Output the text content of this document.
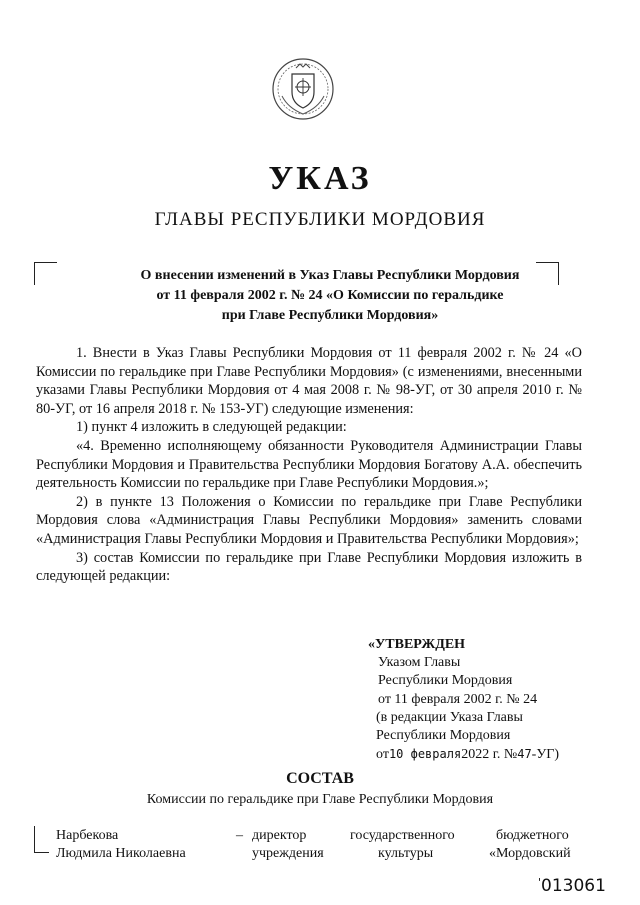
УКАЗ
ГЛАВЫ РЕСПУБЛИКИ МОРДОВИЯ
О внесении изменений в Указ Главы Республики Мордовия
от 11 февраля 2002 г. № 24 «О Комиссии по геральдике
при Главе Республики Мордовия»

1. Внести в Указ Главы Республики Мордовия от 11 февраля 2002 г. № 24 «О Комиссии по геральдике при Главе Республики Мордовия» (с изменениями, внесенными указами Главы Республики Мордовия от 4 мая 2008 г. № 98-УГ, от 30 апреля 2010 г. № 80-УГ, от 16 апреля 2018 г. № 153-УГ) следующие изменения:

1) пункт 4 изложить в следующей редакции:

«4. Временно исполняющему обязанности Руководителя Администрации Главы Республики Мордовия и Правительства Республики Мордовия Богатову А.А. обеспечить деятельность Комиссии по геральдике при Главе Республики Мордовия.»;

2) в пункте 13 Положения о Комиссии по геральдике при Главе Республики Мордовия слова «Администрация Главы Республики Мордовия» заменить словами «Администрация Главы Республики Мордовия и Правительства Республики Мордовия»;

3) состав Комиссии по геральдике при Главе Республики Мордовия изложить в следующей редакции:

«УТВЕРЖДЕН
Указом Главы
Республики Мордовия
от 11 февраля 2002 г. № 24
(в редакции Указа Главы
Республики Мордовия
от10 февраля2022 г. №47-УГ)
СОСТАВ
Комиссии по геральдике при Главе Республики Мордовия
Нарбекова
Людмила Николаевна
– директор
учреждения
государственного
культуры
бюджетного
«Мордовский
'013061
